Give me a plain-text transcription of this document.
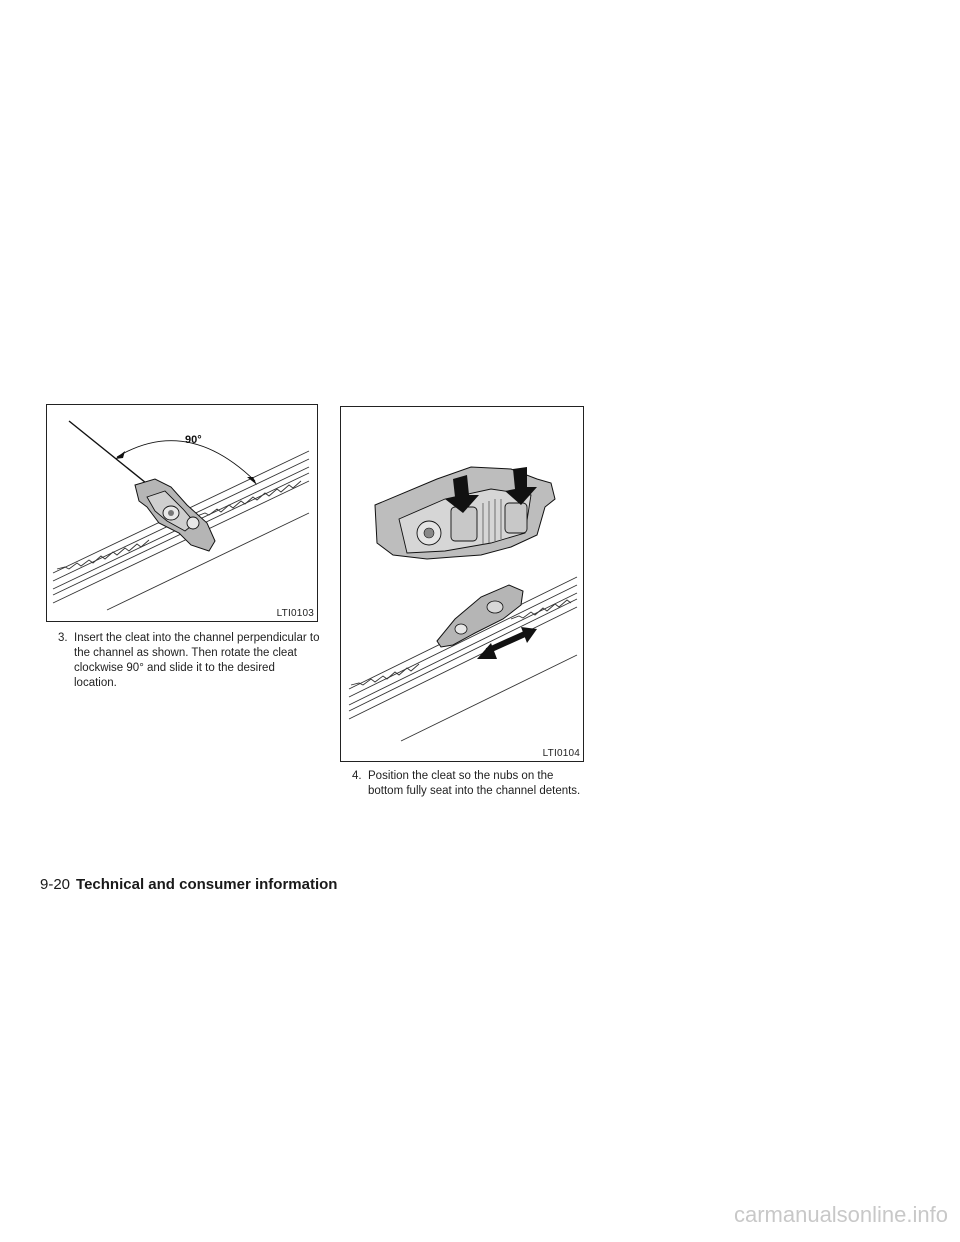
90°
LTI0103
LTI0104
3. Insert the cleat into the channel perpendicular to the channel as shown. Then rotate the cleat clockwise 90° and slide it to the desired location.
4. Position the cleat so the nubs on the bottom fully seat into the channel detents.
9-20 Technical and consumer information
carmanualsonline.info
